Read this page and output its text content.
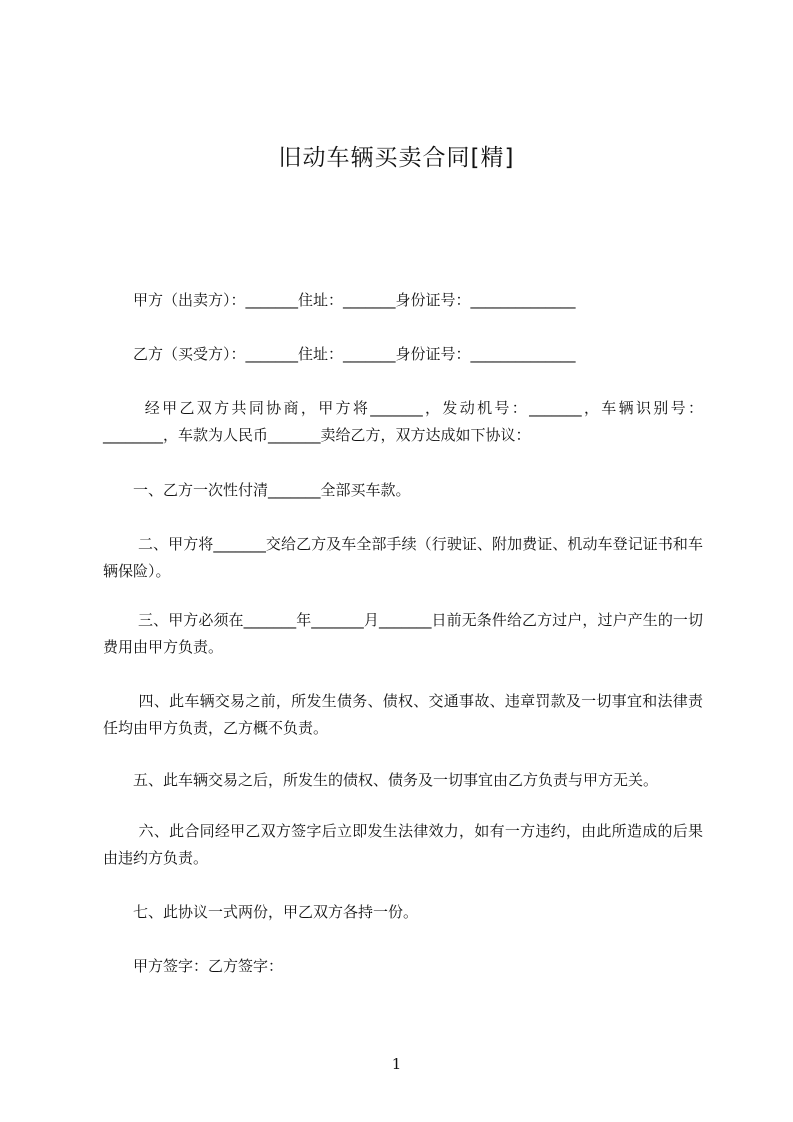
旧动车辆买卖合同[精]

　　甲方（出卖方）：_______住址：_______身份证号：______________

　　乙方（买受方）：_______住址：_______身份证号：______________

　　 经甲乙双方共同协商，甲方将_______，发动机号：_______，车辆识别号：________，车款为人民币_______卖给乙方，双方达成如下协议：

　　一、乙方一次性付清_______全部买车款。

　　 二、甲方将_______交给乙方及车全部手续（行驶证、附加费证、机动车登记证书和车辆保险）。

　　 三、甲方必须在_______年_______月_______日前无条件给乙方过户，过户产生的一切费用由甲方负责。

　　 四、此车辆交易之前，所发生债务、债权、交通事故、违章罚款及一切事宜和法律责任均由甲方负责，乙方概不负责。

　　五、此车辆交易之后，所发生的债权、债务及一切事宜由乙方负责与甲方无关。

　　 六、此合同经甲乙双方签字后立即发生法律效力，如有一方违约，由此所造成的后果由违约方负责。

　　七、此协议一式两份，甲乙双方各持一份。

　　甲方签字：乙方签字：

1
